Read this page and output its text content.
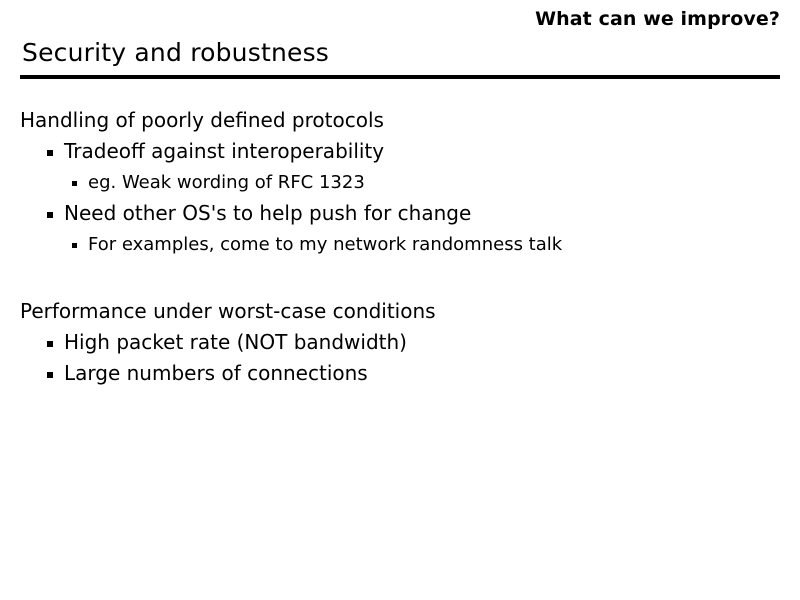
What can we improve?
Security and robustness
Handling of poorly defined protocols
Tradeoff against interoperability
eg. Weak wording of RFC 1323
Need other OS's to help push for change
For examples, come to my network randomness talk
Performance under worst-case conditions
High packet rate (NOT bandwidth)
Large numbers of connections
